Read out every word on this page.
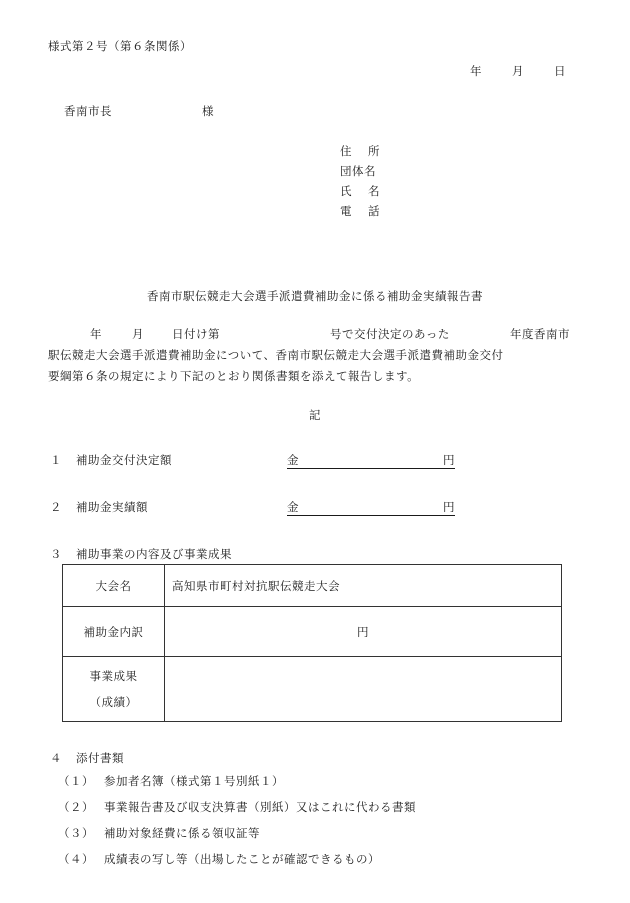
様式第２号（第６条関係）
年	月	日
香南市長	様
住 所
団体名
氏 名
電 話
香南市駅伝競走大会選手派遣費補助金に係る補助金実績報告書
年	月 日付け第	号で交付決定のあった	年度香南市
駅伝競走大会選手派遣費補助金について、香南市駅伝競走大会選手派遣費補助金交付
要綱第６条の規定により下記のとおり関係書類を添えて報告します。
記
１ 補助金交付決定額	金	円
２ 補助金実績額	金	円
３ 補助事業の内容及び事業成果
大会名	高知県市町村対抗駅伝競走大会
補助金内訳	円

事業成果
（成績）	

４ 添付書類
（１） 参加者名簿（様式第１号別紙１）
（２） 事業報告書及び収支決算書（別紙）又はこれに代わる書類
（３） 補助対象経費に係る領収証等
（４） 成績表の写し等（出場したことが確認できるもの）
